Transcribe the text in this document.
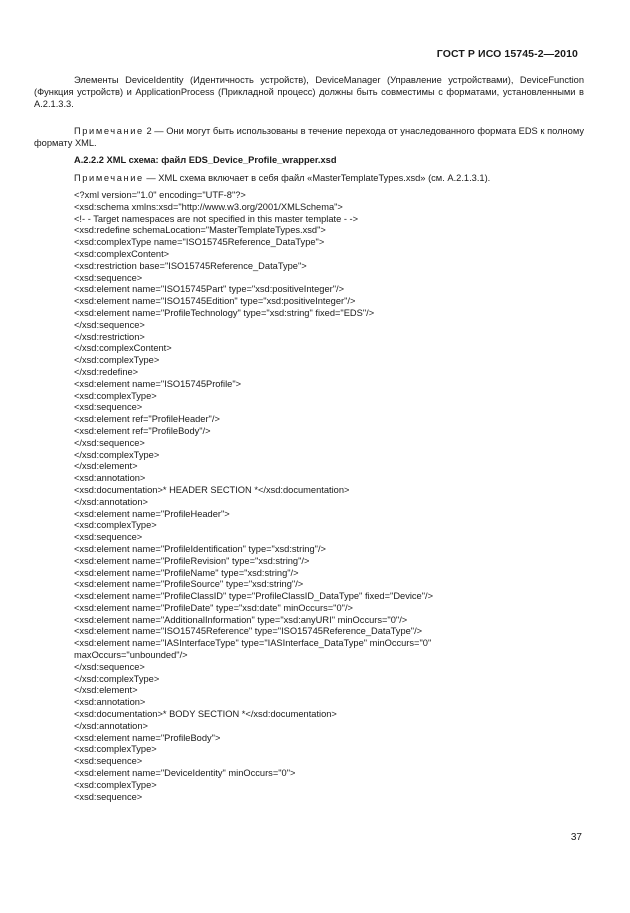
ГОСТ Р ИСО 15745-2—2010
Элементы DeviceIdentity (Идентичность устройств), DeviceManager (Управление устройствами), DeviceFunction (Функция устройств) и ApplicationProcess (Прикладной процесс) должны быть совместимы с форматами, установленными в А.2.1.3.3.
Примечание 2 — Они могут быть использованы в течение перехода от унаследованного формата EDS к полному формату XML.
А.2.2.2 XML схема: файл EDS_Device_Profile_wrapper.xsd
Примечание — XML схема включает в себя файл «MasterTemplateTypes.xsd» (см. А.2.1.3.1).
<?xml version="1.0" encoding="UTF-8"?>
<xsd:schema xmlns:xsd="http://www.w3.org/2001/XMLSchema">
<!- - Target namespaces are not specified in this master template - ->
<xsd:redefine schemaLocation="MasterTemplateTypes.xsd">
<xsd:complexType name="ISO15745Reference_DataType">
<xsd:complexContent>
<xsd:restriction base="ISO15745Reference_DataType">
<xsd:sequence>
<xsd:element name="ISO15745Part" type="xsd:positiveInteger"/>
<xsd:element name="ISO15745Edition" type="xsd:positiveInteger"/>
<xsd:element name="ProfileTechnology" type="xsd:string" fixed="EDS"/>
</xsd:sequence>
</xsd:restriction>
</xsd:complexContent>
</xsd:complexType>
</xsd:redefine>
<xsd:element name="ISO15745Profile">
<xsd:complexType>
<xsd:sequence>
<xsd:element ref="ProfileHeader"/>
<xsd:element ref="ProfileBody"/>
</xsd:sequence>
</xsd:complexType>
</xsd:element>
<xsd:annotation>
<xsd:documentation>* HEADER SECTION *</xsd:documentation>
</xsd:annotation>
<xsd:element name="ProfileHeader">
<xsd:complexType>
<xsd:sequence>
<xsd:element name="ProfileIdentification" type="xsd:string"/>
<xsd:element name="ProfileRevision" type="xsd:string"/>
<xsd:element name="ProfileName" type="xsd:string"/>
<xsd:element name="ProfileSource" type="xsd:string"/>
<xsd:element name="ProfileClassID" type="ProfileClassID_DataType" fixed="Device"/>
<xsd:element name="ProfileDate" type="xsd:date" minOccurs="0"/>
<xsd:element name="AdditionalInformation" type="xsd:anyURI" minOccurs="0"/>
<xsd:element name="ISO15745Reference" type="ISO15745Reference_DataType"/>
<xsd:element name="IASInterfaceType" type="IASInterface_DataType" minOccurs="0"
maxOccurs="unbounded"/>
</xsd:sequence>
</xsd:complexType>
</xsd:element>
<xsd:annotation>
<xsd:documentation>* BODY SECTION *</xsd:documentation>
</xsd:annotation>
<xsd:element name="ProfileBody">
<xsd:complexType>
<xsd:sequence>
<xsd:element name="DeviceIdentity" minOccurs="0">
<xsd:complexType>
<xsd:sequence>
37
